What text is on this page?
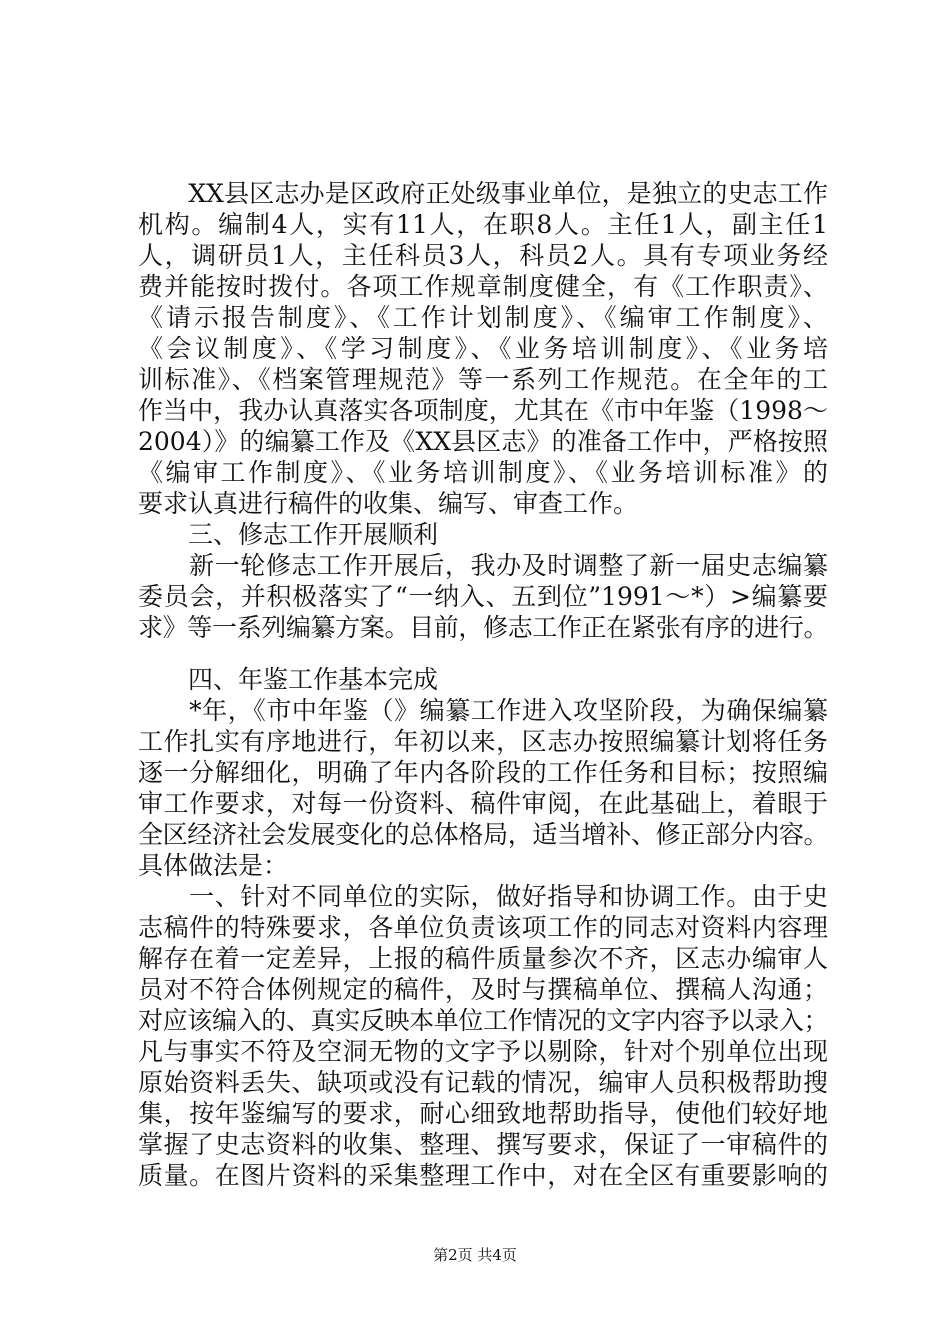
　　XX县区志办是区政府正处级事业单位，是独立的史志工作
机构。编制4人，实有11人，在职8人。主任1人，副主任1
人，调研员1人，主任科员3人，科员2人。具有专项业务经
费并能按时拨付。各项工作规章制度健全，有《工作职责》、
《请示报告制度》、《工作计划制度》、《编审工作制度》、
《会议制度》、《学习制度》、《业务培训制度》、《业务培
训标准》、《档案管理规范》等一系列工作规范。在全年的工
作当中，我办认真落实各项制度，尤其在《市中年鉴（1998～
2004）》的编纂工作及《XX县区志》的准备工作中，严格按照
《编审工作制度》、《业务培训制度》、《业务培训标准》的
要求认真进行稿件的收集、编写、审查工作。
　　三、修志工作开展顺利
　　新一轮修志工作开展后，我办及时调整了新一届史志编纂
委员会，并积极落实了“一纳入、五到位”1991～*）>编纂要
求》等一系列编纂方案。目前，修志工作正在紧张有序的进行。
　　四、年鉴工作基本完成
　　*年，《市中年鉴（》编纂工作进入攻坚阶段，为确保编纂
工作扎实有序地进行，年初以来，区志办按照编纂计划将任务
逐一分解细化，明确了年内各阶段的工作任务和目标；按照编
审工作要求，对每一份资料、稿件审阅，在此基础上，着眼于
全区经济社会发展变化的总体格局，适当增补、修正部分内容。
具体做法是：
　　一、针对不同单位的实际，做好指导和协调工作。由于史
志稿件的特殊要求，各单位负责该项工作的同志对资料内容理
解存在着一定差异，上报的稿件质量参次不齐，区志办编审人
员对不符合体例规定的稿件，及时与撰稿单位、撰稿人沟通；
对应该编入的、真实反映本单位工作情况的文字内容予以录入；
凡与事实不符及空洞无物的文字予以剔除，针对个别单位出现
原始资料丢失、缺项或没有记载的情况，编审人员积极帮助搜
集，按年鉴编写的要求，耐心细致地帮助指导，使他们较好地
掌握了史志资料的收集、整理、撰写要求，保证了一审稿件的
质量。在图片资料的采集整理工作中，对在全区有重要影响的
第2页 共4页
